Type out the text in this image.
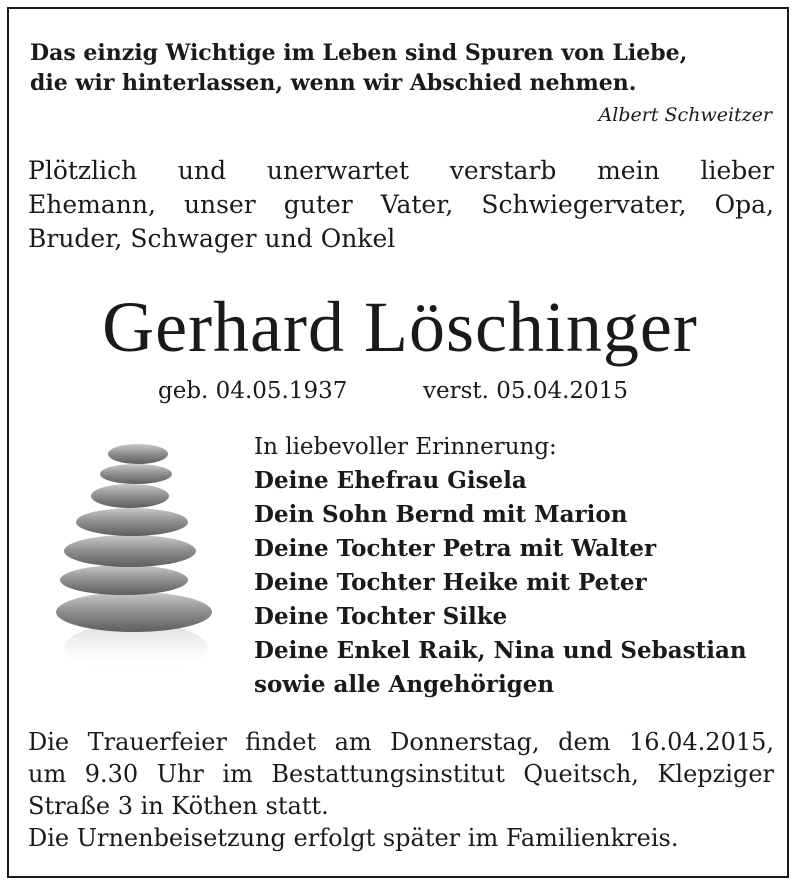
Das einzig Wichtige im Leben sind Spuren von Liebe,
die wir hinterlassen, wenn wir Abschied nehmen.
Albert Schweitzer
Plötzlich und unerwartet verstarb mein lieber
Ehemann, unser guter Vater, Schwiegervater, Opa,
Bruder, Schwager und Onkel
Gerhard Löschinger
geb. 04.05.1937	verst. 05.04.2015
In liebevoller Erinnerung:
Deine Ehefrau Gisela
Dein Sohn Bernd mit Marion
Deine Tochter Petra mit Walter
Deine Tochter Heike mit Peter
Deine Tochter Silke
Deine Enkel Raik, Nina und Sebastian
sowie alle Angehörigen
Die Trauerfeier findet am Donnerstag, dem 16.04.2015,
um 9.30 Uhr im Bestattungsinstitut Queitsch, Klepziger
Straße 3 in Köthen statt.
Die Urnenbeisetzung erfolgt später im Familienkreis.
